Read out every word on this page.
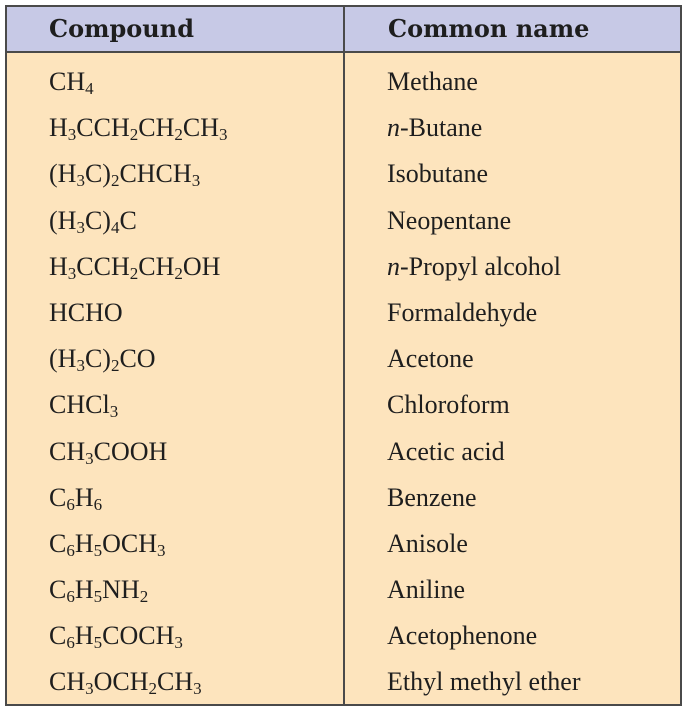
Compound	Common name
$CH_4$	Methane
$H_3CCH_2CH_2CH_3$	n-Butane
$(H_3C)_2CHCH_3$	Isobutane
$(H_3C)_4C$	Neopentane
$H_3CCH_2CH_2OH$	n-Propyl alcohol
HCHO	Formaldehyde
$(H_3C)_2CO$	Acetone
CHCl$_3$	Chloroform
$CH_3COOH$	Acetic acid
$C_6H_6$	Benzene
$C_6H_5OCH_3$	Anisole
$C_6H_5NH_2$	Aniline
$C_6H_5COCH_3$	Acetophenone
$CH_3OCH_2CH_3$	Ethyl methyl ether
